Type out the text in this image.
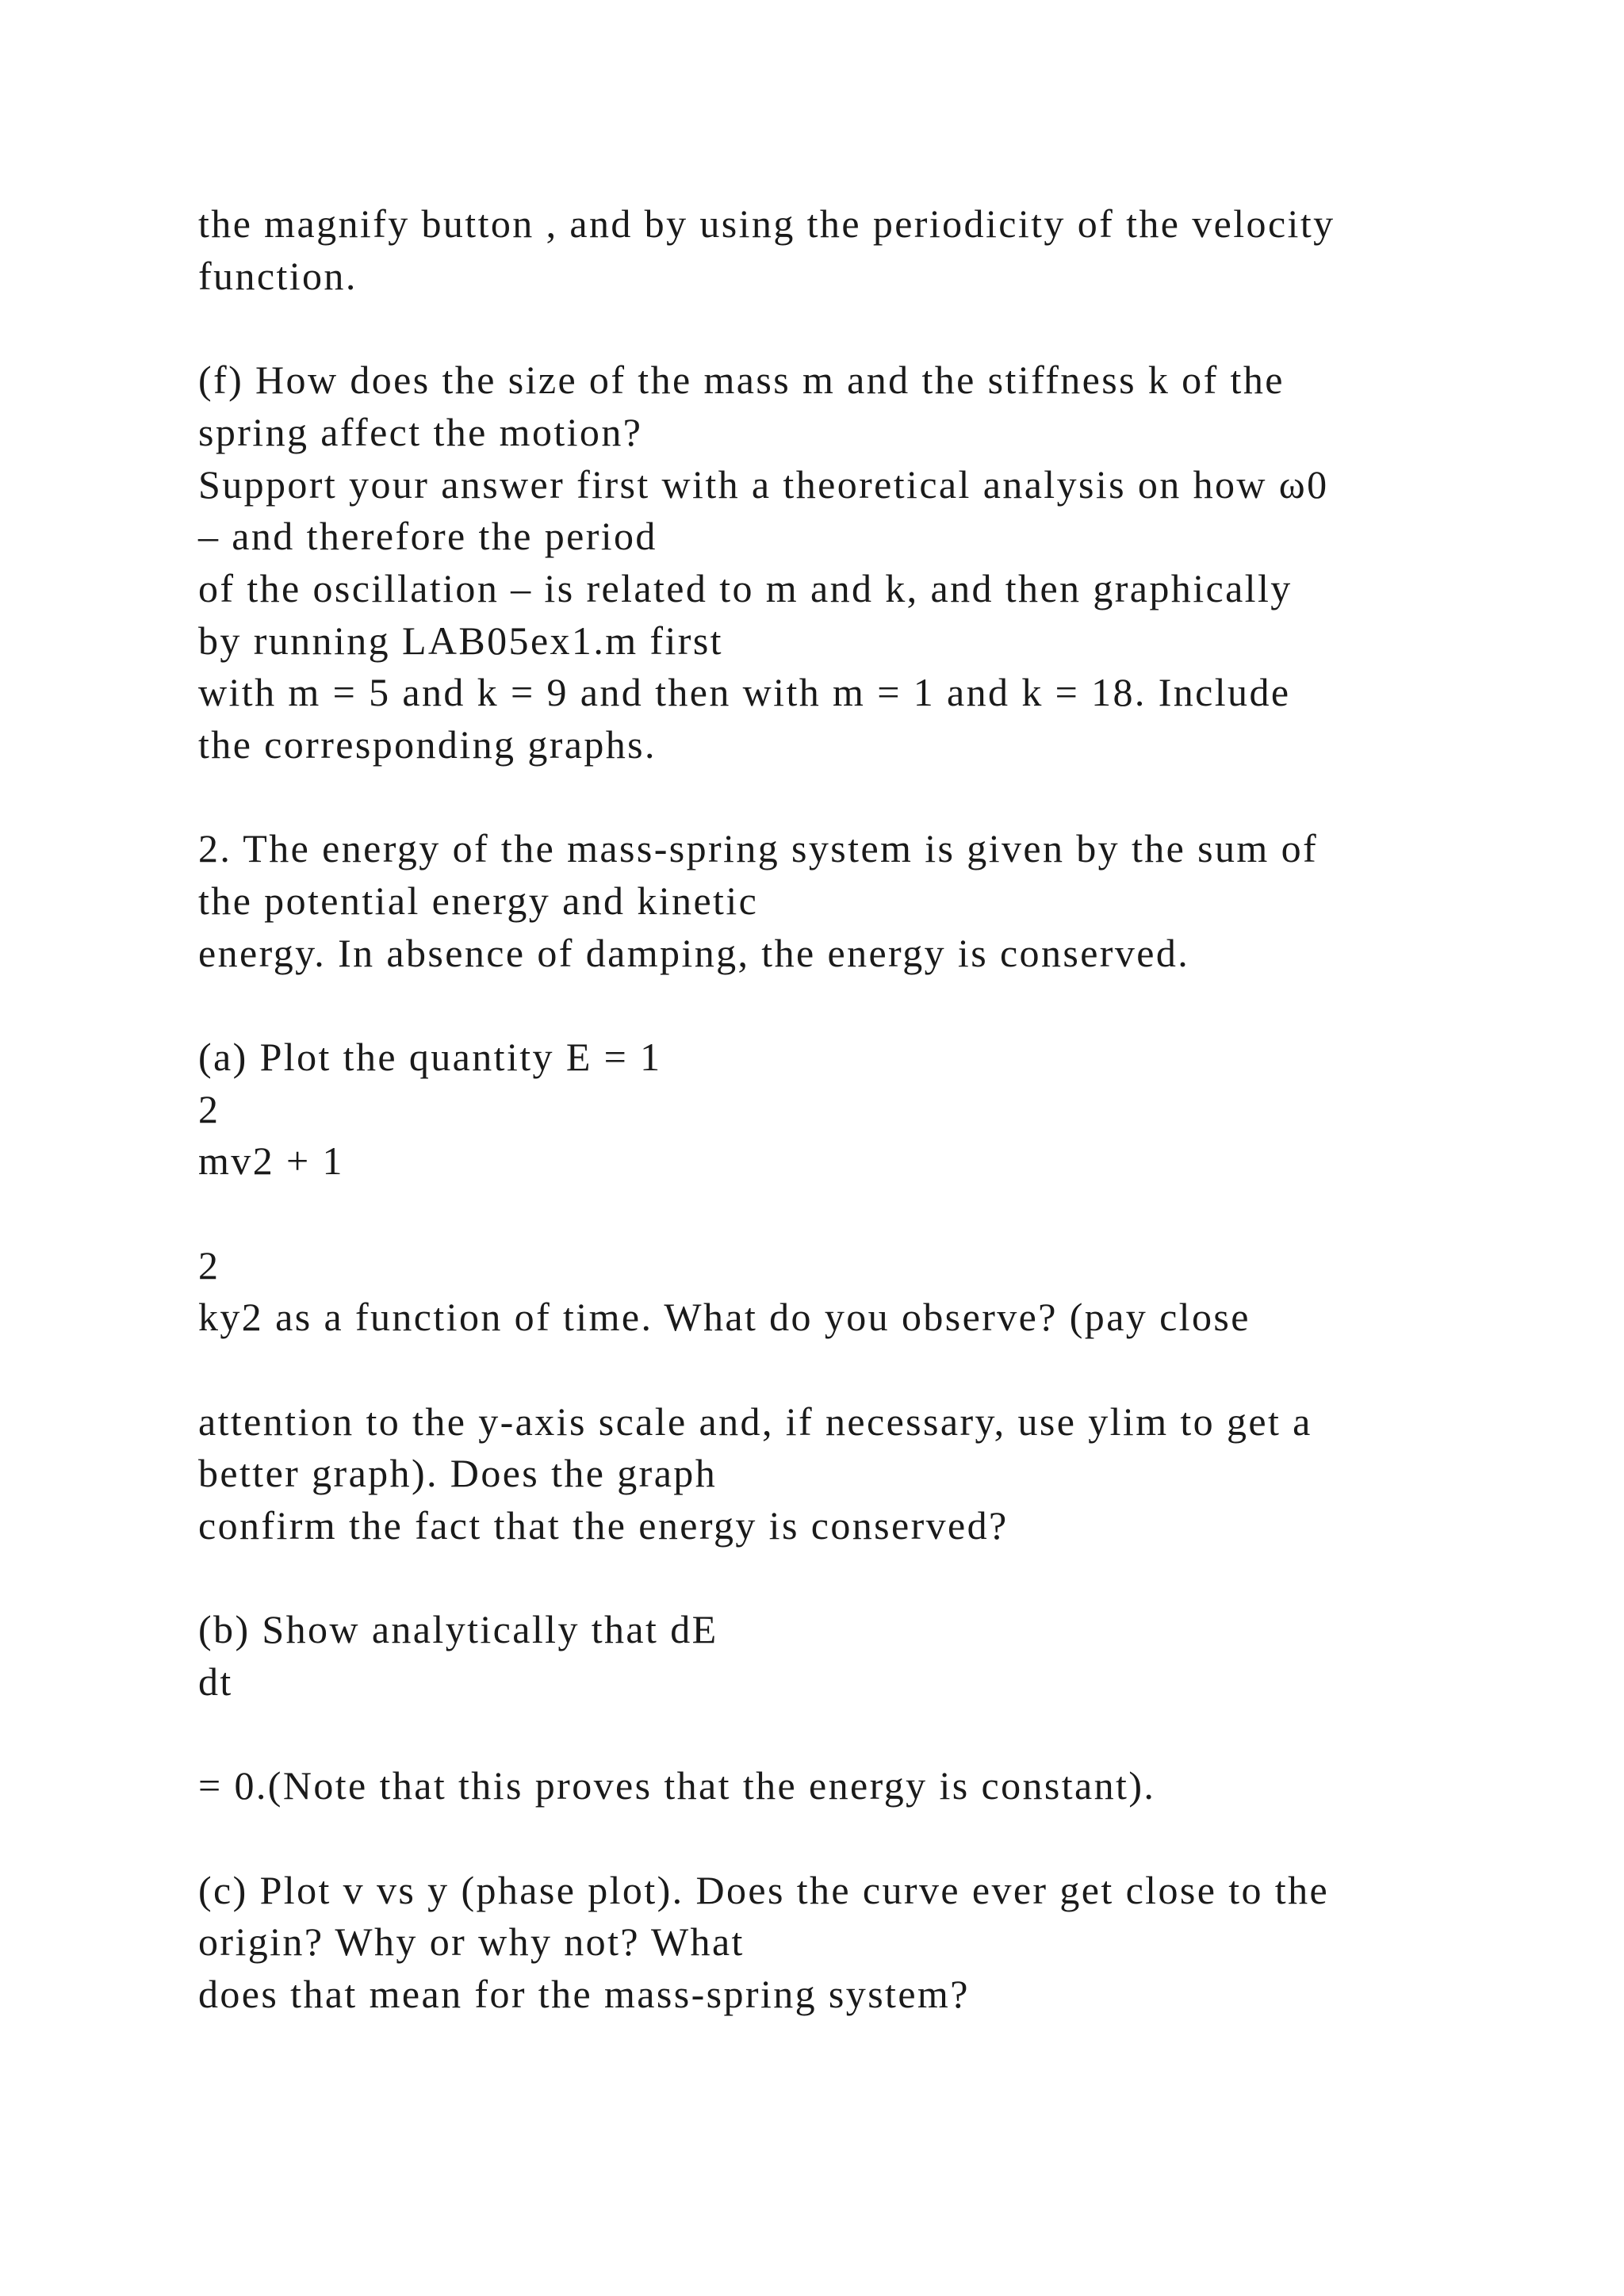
the magnify button , and by using the periodicity of the velocity

function.

(f) How does the size of the mass m and the stiffness k of the

spring affect the motion?

Support your answer first with a theoretical analysis on how ω0

– and therefore the period

of the oscillation – is related to m and k, and then graphically

by running LAB05ex1.m first

with m = 5 and k = 9 and then with m = 1 and k = 18. Include

the corresponding graphs.

2. The energy of the mass-spring system is given by the sum of

the potential energy and kinetic

energy. In absence of damping, the energy is conserved.

(a) Plot the quantity E = 1

2

mv2 + 1

2

ky2 as a function of time. What do you observe? (pay close

attention to the y-axis scale and, if necessary, use ylim to get a

better graph). Does the graph

confirm the fact that the energy is conserved?

(b) Show analytically that dE

dt

= 0.(Note that this proves that the energy is constant).

(c) Plot v vs y (phase plot). Does the curve ever get close to the

origin? Why or why not? What

does that mean for the mass-spring system?
